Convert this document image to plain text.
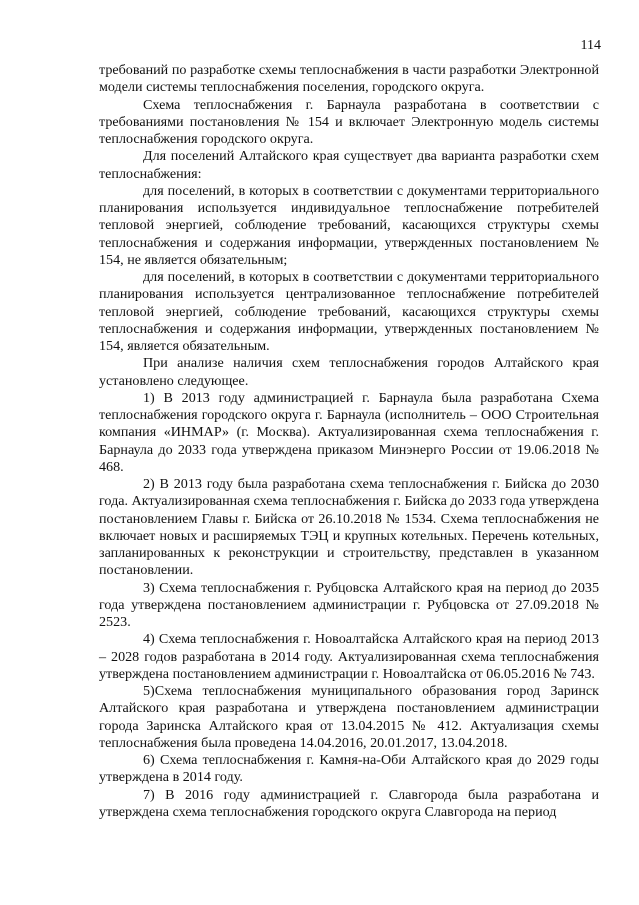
114

требований по разработке схемы теплоснабжения в части разработки Электронной модели системы теплоснабжения поселения, городского округа.

Схема теплоснабжения г. Барнаула разработана в соответствии с требованиями постановления № 154 и включает Электронную модель системы теплоснабжения городского округа.

Для поселений Алтайского края существует два варианта разработки схем теплоснабжения:

для поселений, в которых в соответствии с документами территориального планирования используется индивидуальное теплоснабжение потребителей тепловой энергией, соблюдение требований, касающихся структуры схемы теплоснабжения и содержания информации, утвержденных постановлением № 154, не является обязательным;

для поселений, в которых в соответствии с документами территориального планирования используется централизованное теплоснабжение потребителей тепловой энергией, соблюдение требований, касающихся структуры схемы теплоснабжения и содержания информации, утвержденных постановлением № 154, является обязательным.

При анализе наличия схем теплоснабжения городов Алтайского края установлено следующее.

1) В 2013 году администрацией г. Барнаула была разработана Схема теплоснабжения городского округа г. Барнаула (исполнитель – ООО Строительная компания «ИНМАР» (г. Москва). Актуализированная схема теплоснабжения г. Барнаула до 2033 года утверждена приказом Минэнерго России от 19.06.2018 № 468.

2) В 2013 году была разработана схема теплоснабжения г. Бийска до 2030 года. Актуализированная схема теплоснабжения г. Бийска до 2033 года утверждена постановлением Главы г. Бийска от 26.10.2018 № 1534. Схема теплоснабжения не включает новых и расширяемых ТЭЦ и крупных котельных. Перечень котельных, запланированных к реконструкции и строительству, представлен в указанном постановлении.

3) Схема теплоснабжения г. Рубцовска Алтайского края на период до 2035 года утверждена постановлением администрации г. Рубцовска от 27.09.2018 № 2523.

4) Схема теплоснабжения г. Новоалтайска Алтайского края на период 2013 – 2028 годов разработана в 2014 году. Актуализированная схема теплоснабжения утверждена постановлением администрации г. Новоалтайска от 06.05.2016 № 743.

5)Схема теплоснабжения муниципального образования город Заринск Алтайского края разработана и утверждена постановлением администрации города Заринска Алтайского края от 13.04.2015 № 412. Актуализация схемы теплоснабжения была проведена 14.04.2016, 20.01.2017, 13.04.2018.

6) Схема теплоснабжения г. Камня-на-Оби Алтайского края до 2029 годы утверждена в 2014 году.

7) В 2016 году администрацией г. Славгорода была разработана и утверждена схема теплоснабжения городского округа Славгорода на период
